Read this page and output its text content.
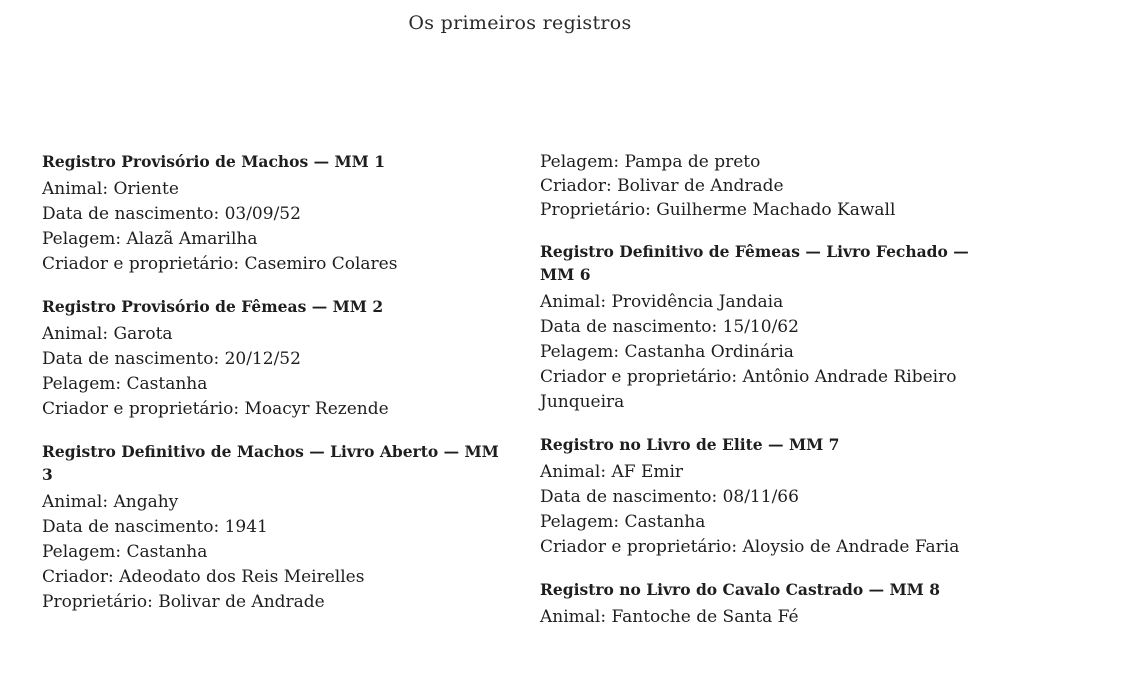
Os primeiros registros
Registro Provisório de Machos — MM 1
Animal: Oriente
Data de nascimento: 03/09/52
Pelagem: Alazã Amarilha
Criador e proprietário: Casemiro Colares
Registro Provisório de Fêmeas — MM 2
Animal: Garota
Data de nascimento: 20/12/52
Pelagem: Castanha
Criador e proprietário: Moacyr Rezende
Registro Definitivo de Machos — Livro Aberto — MM 3
Animal: Angahy
Data de nascimento: 1941
Pelagem: Castanha
Criador: Adeodato dos Reis Meirelles
Proprietário: Bolivar de Andrade
Pelagem: Pampa de preto
Criador: Bolivar de Andrade
Proprietário: Guilherme Machado Kawall
Registro Definitivo de Fêmeas — Livro Fechado — MM 6
Animal: Providência Jandaia
Data de nascimento: 15/10/62
Pelagem: Castanha Ordinária
Criador e proprietário: Antônio Andrade Ribeiro Junqueira
Registro no Livro de Elite — MM 7
Animal: AF Emir
Data de nascimento: 08/11/66
Pelagem: Castanha
Criador e proprietário: Aloysio de Andrade Faria
Registro no Livro do Cavalo Castrado — MM 8
Animal: Fantoche de Santa Fé
